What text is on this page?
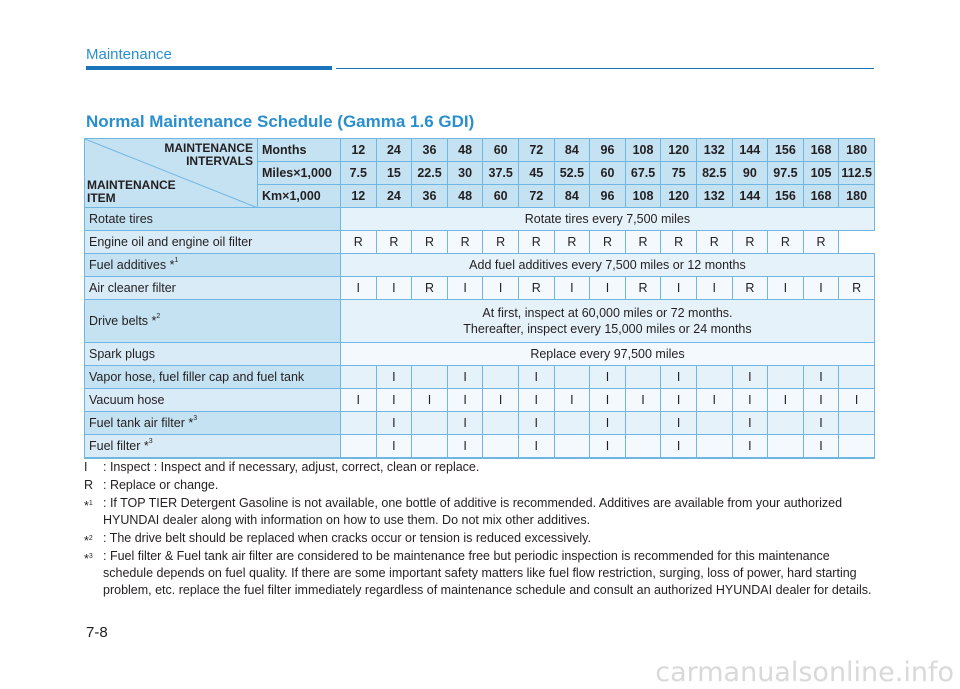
Maintenance
Normal Maintenance Schedule (Gamma 1.6 GDI)
MAINTENANCE
INTERVALS
MAINTENANCE
ITEM	Months	12	24	36	48	60	72	84	96	108	120	132	144	156	168	180
	Miles×1,000	7.5	15	22.5	30	37.5	45	52.5	60	67.5	75	82.5	90	97.5	105	112.5
	Km×1,000	12	24	36	48	60	72	84	96	108	120	132	144	156	168	180
Rotate tires		Rotate tires every 7,500 miles														

Engine oil and engine oil filter		R	R	R	R	R	R	R	R	R	R	R	R	R	R	
Fuel additives *$^1$		Add fuel additives every 7,500 miles or 12 months														

Air cleaner filter		I	I	R	I	I	R	I	I	R	I	I	R	I	I	R
Drive belts *$^2$		At first, inspect at 60,000 miles or 72 months.
Thereafter, inspect every 15,000 miles or 24 months														

Spark plugs		Replace every 97,500 miles														

Vapor hose, fuel filler cap and fuel tank			I		I		I		I		I		I		I	
Vacuum hose		I	I	I	I	I	I	I	I	I	I	I	I	I	I	I
Fuel tank air filter *$^3$			I		I		I		I		I		I		I	
Fuel filter *$^3$			I		I		I		I		I		I		I	
I : Inspect : Inspect and if necessary, adjust, correct, clean or replace.
R : Replace or change.
*$^1$ : If TOP TIER Detergent Gasoline is not available, one bottle of additive is recommended. Additives are available from your authorized HYUNDAI dealer along with information on how to use them. Do not mix other additives.
*$^2$ : The drive belt should be replaced when cracks occur or tension is reduced excessively.
*$^3$ : Fuel filter & Fuel tank air filter are considered to be maintenance free but periodic inspection is recommended for this maintenance schedule depends on fuel quality. If there are some important safety matters like fuel flow restriction, surging, loss of power, hard starting problem, etc. replace the fuel filter immediately regardless of maintenance schedule and consult an authorized HYUNDAI dealer for details.
7-8
carmanualsonline.info
